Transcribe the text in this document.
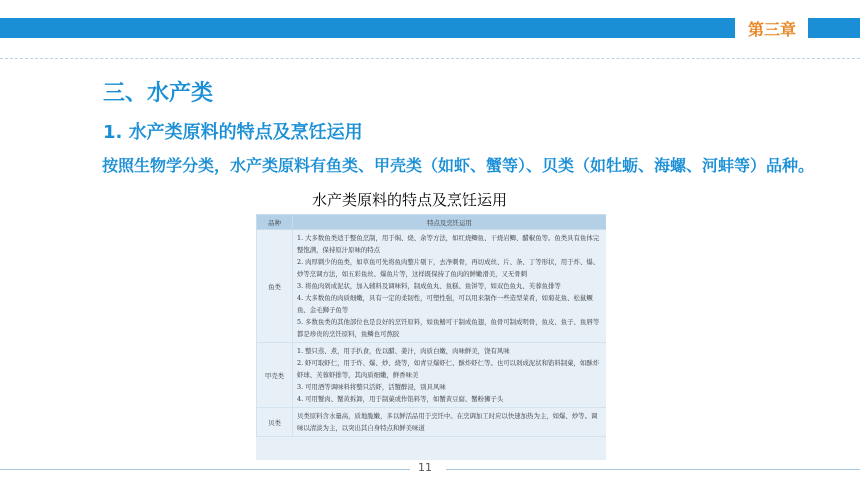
第三章
三、水产类
1. 水产类原料的特点及烹饪运用
按照生物学分类，水产类原料有鱼类、甲壳类（如虾、蟹等）、贝类（如牡蛎、海螺、河蚌等）品种。
水产类原料的特点及烹饪运用
品种	特点及烹饪运用
鱼类	1. 大多数鱼类适于整鱼烹制，用于焖、烧、余等方法，如红烧鲫鱼、干烧岩鲫、醋椒鱼等。鱼类具有鱼体完整饱满，保持原汁原味的特点

2. 肉厚刺少的鱼类，如草鱼可先将鱼肉整片剔下，去净刺骨，再切成丝、片、条、丁等形状，用于炸、爆、炒等烹调方法，如五彩鱼丝、爆鱼片等，这样既保持了鱼肉的鲜嫩滑美，又无骨刺

3. 将鱼肉剁成泥状，加入辅料及调味料，制成鱼丸、鱼糕、鱼饼等，如双色鱼丸、芙蓉鱼排等

4. 大多数鱼的肉质细嫩，具有一定的柔韧性，可塑性强，可以用来制作一些造型菜肴，如菊花鱼、松鼠鳜鱼、金毛狮子鱼等

5. 多数鱼类的其他部位也是良好的烹饪原料，如鱼鳍可干制成鱼翅，鱼骨可制成明骨，鱼皮、鱼子、鱼唇等都是珍贵的烹饪原料，鱼鳞也可熬胶

甲壳类	1. 整只蒸、煮，用手扒食，佐以醋、姜汁，肉质白嫩，肉味鲜美，饶有风味

2. 虾可取虾仁，用于炸、爆、炒、烧等，如青豆爆虾仁、酥炸虾仁等。也可以剁成泥状和馅料制菓，如酥炸虾球、芙蓉虾排等，其肉质细嫩，鲜香味美

3. 可用酒等调味料将整只活虾，活蟹醉浸，别具风味

4. 可用蟹肉、蟹黄拆卸，用于制菓或作馅料等，如蟹黄豆腐、蟹粉狮子头

贝类	贝类原料含水量高，质地脆嫩，多以鲜活品用于烹饪中。在烹调加工时应以快速加热为主，如爆、炒等。调味以清淡为主，以突出其自身特点和鲜美味道

11
